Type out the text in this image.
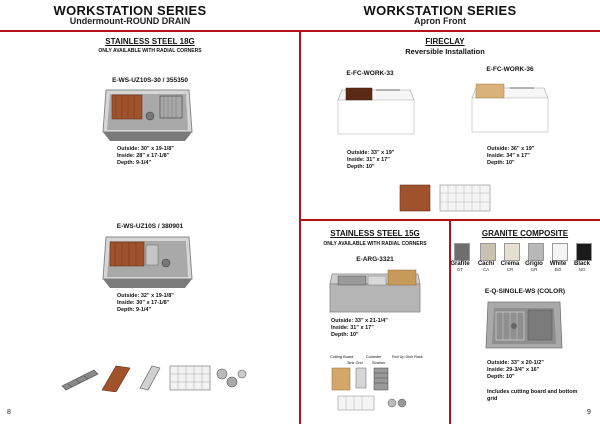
WORKSTATION SERIES
Undermount-ROUND DRAIN
WORKSTATION SERIES
Apron Front
STAINLESS STEEL 18G
ONLY AVAILABLE WITH RADIAL CORNERS
E-WS-UZ10S-30 / 355350
Outside: 30" x 19-1/8"
Inside: 28" x 17-1/8"
Depth: 9-1/4"
E-WS-UZ10S / 380901
Outside: 32" x 19-1/8"
Inside: 30" x 17-1/8"
Depth: 9-1/4"
8
FIRECLAY
Reversible Installation
E-FC-WORK-33
Outside: 33" x 19"
Inside: 31" x 17"
Depth: 10"
E-FC-WORK-36
Outside: 36" x 19"
Inside: 34" x 17"
Depth: 10"
STAINLESS STEEL 15G
ONLY AVAILABLE WITH RADIAL CORNERS
E-ARG-3321
Outside: 33" x 21-1/4"
Inside: 31" x 17"
Depth: 10"
Cutting Board	Colander	Roll Up Dish Rack
Sink Grid Strainer
GRANITE COMPOSITE
Grafite
GT
Cachi
CA
Crema
CR
Grigio
GR
White
BO
Black
NO
E-Q-SINGLE-WS (COLOR)
Outside: 33" x 20-1/2"
Inside: 29-3/4" x 16"
Depth: 10"
Includes cutting board and bottom grid
9
